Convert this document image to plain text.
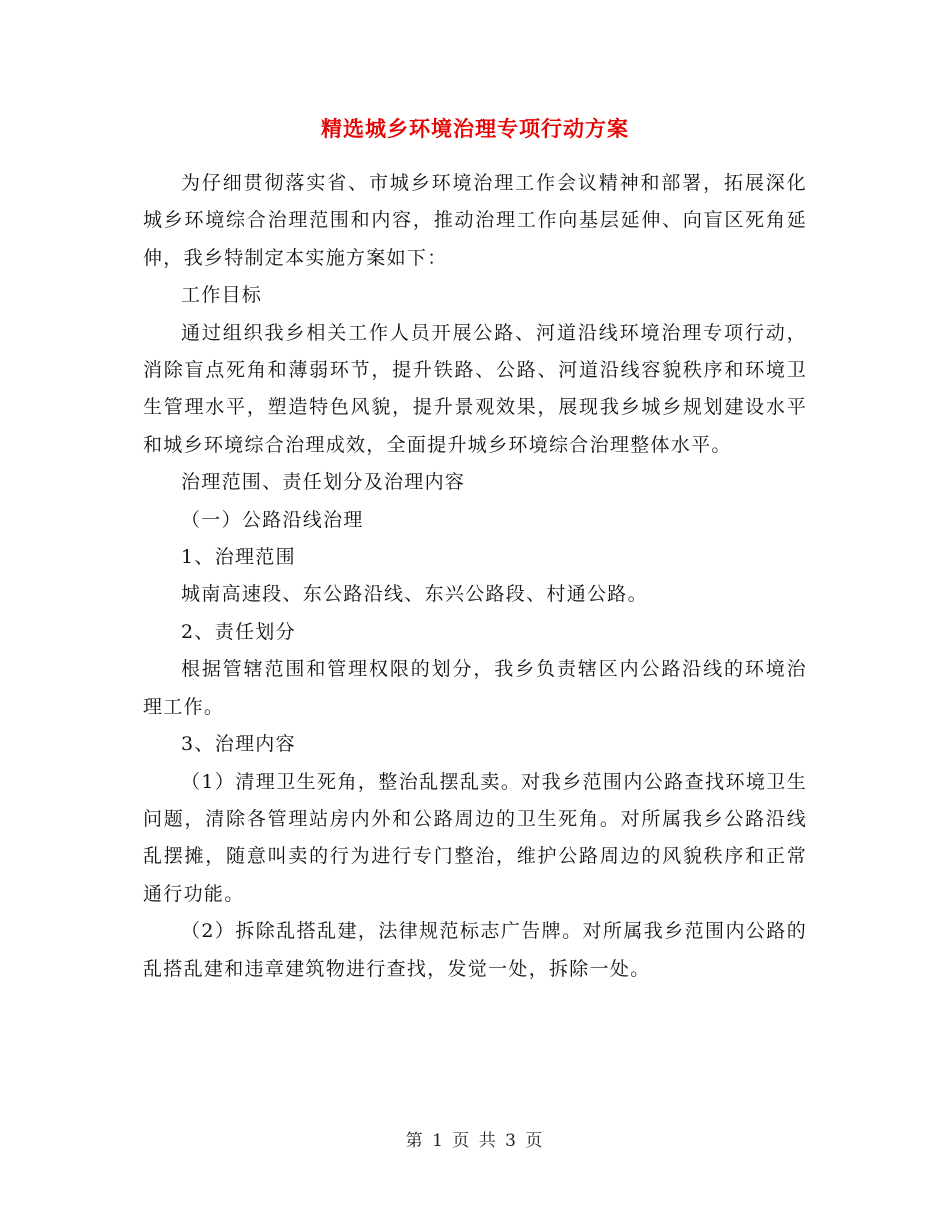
精选城乡环境治理专项行动方案

为仔细贯彻落实省、市城乡环境治理工作会议精神和部署，拓展深化城乡环境综合治理范围和内容，推动治理工作向基层延伸、向盲区死角延伸，我乡特制定本实施方案如下：

工作目标

通过组织我乡相关工作人员开展公路、河道沿线环境治理专项行动，消除盲点死角和薄弱环节，提升铁路、公路、河道沿线容貌秩序和环境卫生管理水平，塑造特色风貌，提升景观效果，展现我乡城乡规划建设水平和城乡环境综合治理成效，全面提升城乡环境综合治理整体水平。

治理范围、责任划分及治理内容

（一）公路沿线治理

1、治理范围

城南高速段、东公路沿线、东兴公路段、村通公路。

2、责任划分

根据管辖范围和管理权限的划分，我乡负责辖区内公路沿线的环境治理工作。

3、治理内容

（1）清理卫生死角，整治乱摆乱卖。对我乡范围内公路查找环境卫生问题，清除各管理站房内外和公路周边的卫生死角。对所属我乡公路沿线乱摆摊，随意叫卖的行为进行专门整治，维护公路周边的风貌秩序和正常通行功能。

（2）拆除乱搭乱建，法律规范标志广告牌。对所属我乡范围内公路的乱搭乱建和违章建筑物进行查找，发觉一处，拆除一处。

第 1 页 共 3 页
